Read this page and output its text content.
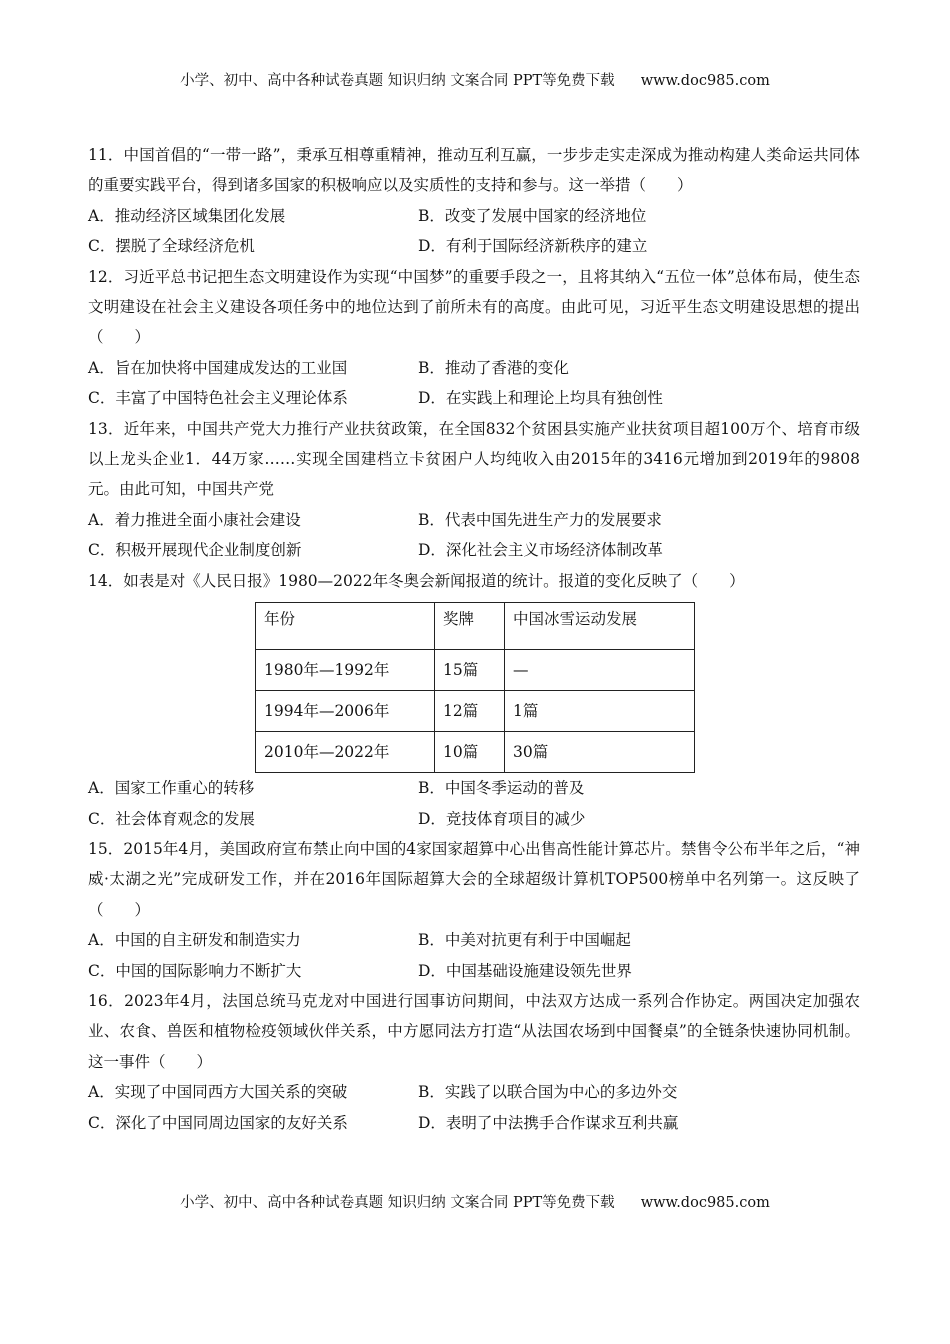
小学、初中、高中各种试卷真题 知识归纳 文案合同 PPT等免费下载 www.doc985.com

11．中国首倡的“一带一路”，秉承互相尊重精神，推动互利互赢，一步步走实走深成为推动构建人类命运共同体的重要实践平台，得到诸多国家的积极响应以及实质性的支持和参与。这一举措（　　）

A．推动经济区域集团化发展	B．改变了发展中国家的经济地位
C．摆脱了全球经济危机	D．有利于国际经济新秩序的建立

12．习近平总书记把生态文明建设作为实现“中国梦”的重要手段之一，且将其纳入“五位一体”总体布局，使生态文明建设在社会主义建设各项任务中的地位达到了前所未有的高度。由此可见，习近平生态文明建设思想的提出（　　）

A．旨在加快将中国建成发达的工业国	B．推动了香港的变化
C．丰富了中国特色社会主义理论体系	D．在实践上和理论上均具有独创性

13．近年来，中国共产党大力推行产业扶贫政策，在全国832个贫困县实施产业扶贫项目超100万个、培育市级以上龙头企业1．44万家……实现全国建档立卡贫困户人均纯收入由2015年的3416元增加到2019年的9808元。由此可知，中国共产党

A．着力推进全面小康社会建设	B．代表中国先进生产力的发展要求
C．积极开展现代企业制度创新	D．深化社会主义市场经济体制改革

14．如表是对《人民日报》1980—2022年冬奥会新闻报道的统计。报道的变化反映了（　　）

年份	奖牌	中国冰雪运动发展
1980年—1992年	15篇	—
1994年—2006年	12篇	1篇
2010年—2022年	10篇	30篇
A．国家工作重心的转移	B．中国冬季运动的普及
C．社会体育观念的发展	D．竞技体育项目的减少

15．2015年4月，美国政府宣布禁止向中国的4家国家超算中心出售高性能计算芯片。禁售令公布半年之后，“神威·太湖之光”完成研发工作，并在2016年国际超算大会的全球超级计算机TOP500榜单中名列第一。这反映了（　　）

A．中国的自主研发和制造实力	B．中美对抗更有利于中国崛起
C．中国的国际影响力不断扩大	D．中国基础设施建设领先世界

16．2023年4月，法国总统马克龙对中国进行国事访问期间，中法双方达成一系列合作协定。两国决定加强农业、农食、兽医和植物检疫领域伙伴关系，中方愿同法方打造“从法国农场到中国餐桌”的全链条快速协同机制。这一事件（　　）

A．实现了中国同西方大国关系的突破	B．实践了以联合国为中心的多边外交
C．深化了中国同周边国家的友好关系	D．表明了中法携手合作谋求互利共赢
小学、初中、高中各种试卷真题 知识归纳 文案合同 PPT等免费下载 www.doc985.com
